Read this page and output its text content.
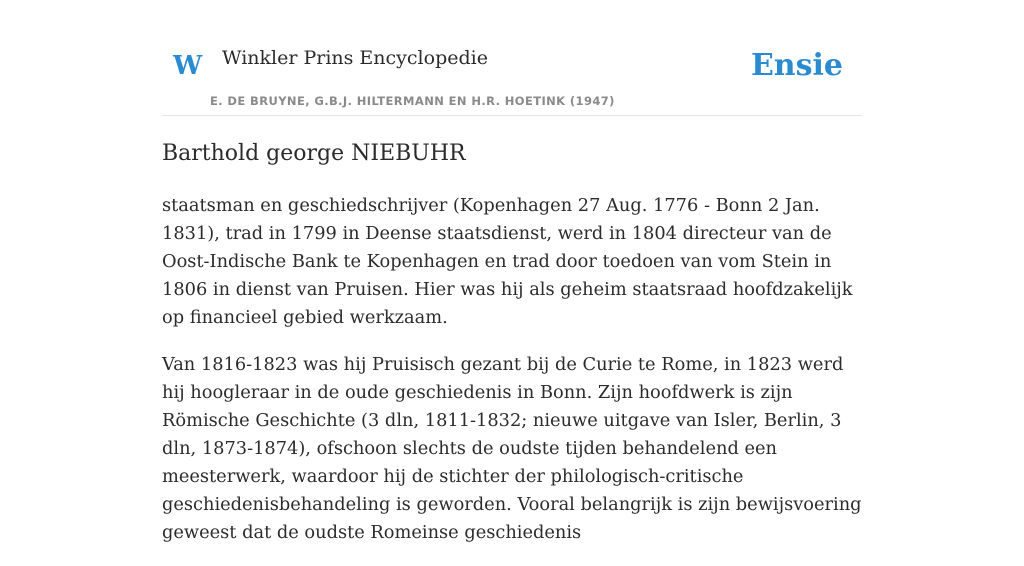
W Winkler Prins Encyclopedie
E. DE BRUYNE, G.B.J. HILTERMANN EN H.R. HOETINK (1947)
Ensie
Barthold george NIEBUHR

staatsman en geschiedschrijver (Kopenhagen 27 Aug. 1776 - Bonn 2 Jan. 1831), trad in 1799 in Deense staatsdienst, werd in 1804 directeur van de Oost-Indische Bank te Kopenhagen en trad door toedoen van vom Stein in 1806 in dienst van Pruisen. Hier was hij als geheim staatsraad hoofdzakelijk op financieel gebied werkzaam.

Van 1816-1823 was hij Pruisisch gezant bij de Curie te Rome, in 1823 werd hij hoogleraar in de oude geschiedenis in Bonn. Zijn hoofdwerk is zijn Römische Geschichte (3 dln, 1811-1832; nieuwe uitgave van Isler, Berlin, 3 dln, 1873-1874), ofschoon slechts de oudste tijden behandelend een meesterwerk, waardoor hij de stichter der philologisch-critische geschiedenisbehandeling is geworden. Vooral belangrijk is zijn bewijsvoering geweest dat de oudste Romeinse geschiedenis
